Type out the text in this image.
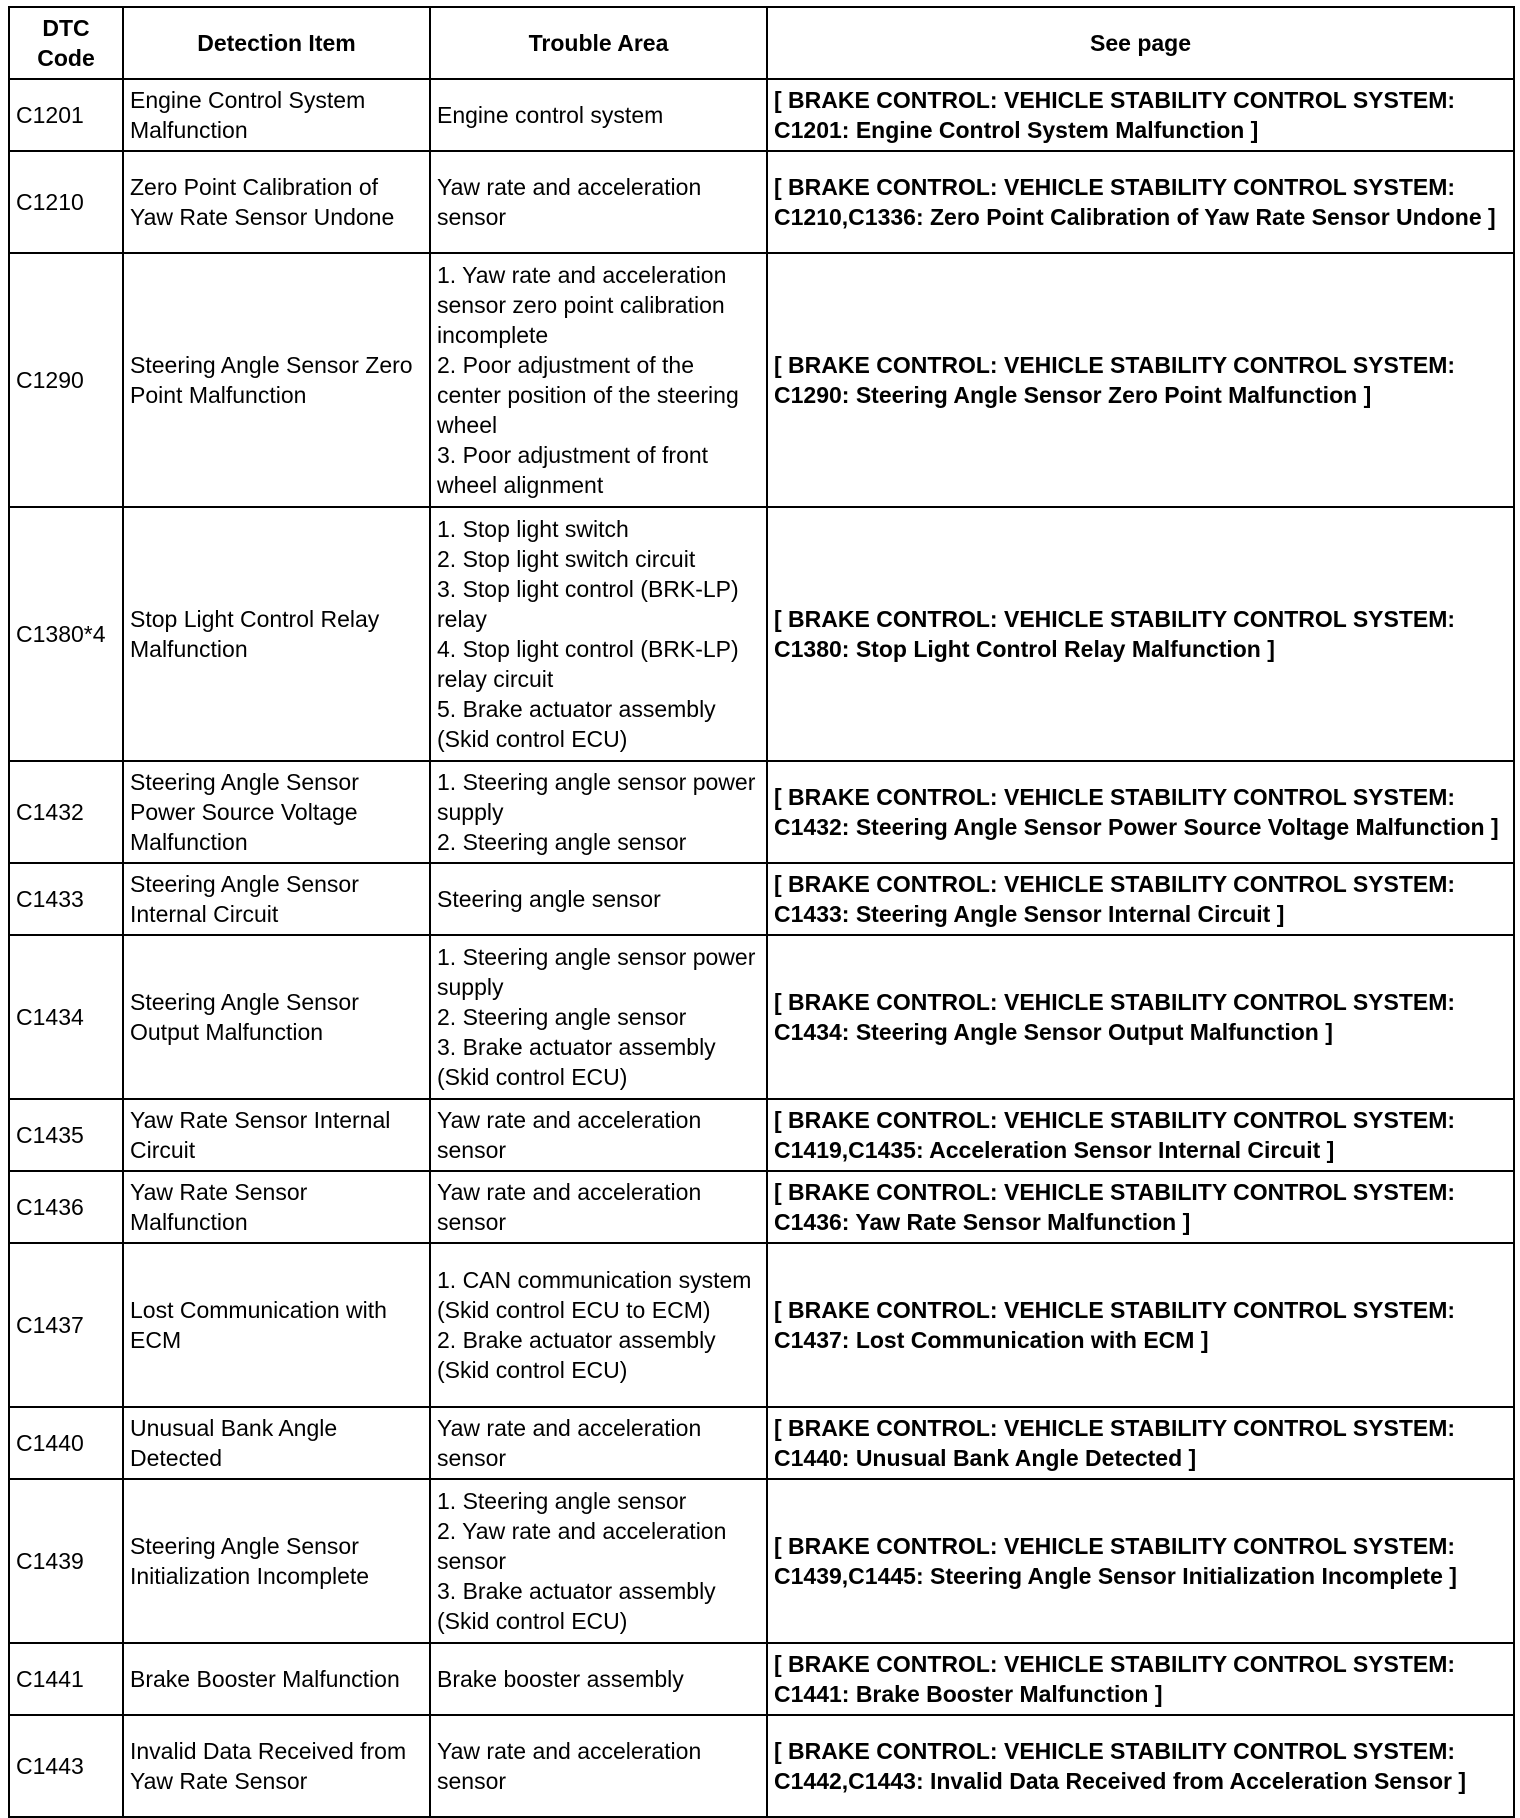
DTC Code	Detection Item	Trouble Area	See page
C1201	Engine Control System Malfunction	Engine control system	[ BRAKE CONTROL: VEHICLE STABILITY CONTROL SYSTEM: C1201: Engine Control System Malfunction ]
C1210	Zero Point Calibration of Yaw Rate Sensor Undone	Yaw rate and acceleration sensor	[ BRAKE CONTROL: VEHICLE STABILITY CONTROL SYSTEM: C1210,C1336: Zero Point Calibration of Yaw Rate Sensor Undone ]
C1290	Steering Angle Sensor Zero Point Malfunction	1. Yaw rate and acceleration sensor zero point calibration incomplete
2. Poor adjustment of the center position of the steering wheel
3. Poor adjustment of front wheel alignment	[ BRAKE CONTROL: VEHICLE STABILITY CONTROL SYSTEM: C1290: Steering Angle Sensor Zero Point Malfunction ]
C1380*4	Stop Light Control Relay Malfunction	1. Stop light switch
2. Stop light switch circuit
3. Stop light control (BRK-LP) relay
4. Stop light control (BRK-LP) relay circuit
5. Brake actuator assembly (Skid control ECU)	[ BRAKE CONTROL: VEHICLE STABILITY CONTROL SYSTEM: C1380: Stop Light Control Relay Malfunction ]
C1432	Steering Angle Sensor Power Source Voltage Malfunction	1. Steering angle sensor power supply
2. Steering angle sensor	[ BRAKE CONTROL: VEHICLE STABILITY CONTROL SYSTEM: C1432: Steering Angle Sensor Power Source Voltage Malfunction ]
C1433	Steering Angle Sensor Internal Circuit	Steering angle sensor	[ BRAKE CONTROL: VEHICLE STABILITY CONTROL SYSTEM: C1433: Steering Angle Sensor Internal Circuit ]
C1434	Steering Angle Sensor Output Malfunction	1. Steering angle sensor power supply
2. Steering angle sensor
3. Brake actuator assembly (Skid control ECU)	[ BRAKE CONTROL: VEHICLE STABILITY CONTROL SYSTEM: C1434: Steering Angle Sensor Output Malfunction ]
C1435	Yaw Rate Sensor Internal Circuit	Yaw rate and acceleration sensor	[ BRAKE CONTROL: VEHICLE STABILITY CONTROL SYSTEM: C1419,C1435: Acceleration Sensor Internal Circuit ]
C1436	Yaw Rate Sensor Malfunction	Yaw rate and acceleration sensor	[ BRAKE CONTROL: VEHICLE STABILITY CONTROL SYSTEM: C1436: Yaw Rate Sensor Malfunction ]
C1437	Lost Communication with ECM	1. CAN communication system (Skid control ECU to ECM)
2. Brake actuator assembly (Skid control ECU)	[ BRAKE CONTROL: VEHICLE STABILITY CONTROL SYSTEM: C1437: Lost Communication with ECM ]
C1440	Unusual Bank Angle Detected	Yaw rate and acceleration sensor	[ BRAKE CONTROL: VEHICLE STABILITY CONTROL SYSTEM: C1440: Unusual Bank Angle Detected ]
C1439	Steering Angle Sensor Initialization Incomplete	1. Steering angle sensor
2. Yaw rate and acceleration sensor
3. Brake actuator assembly (Skid control ECU)	[ BRAKE CONTROL: VEHICLE STABILITY CONTROL SYSTEM: C1439,C1445: Steering Angle Sensor Initialization Incomplete ]
C1441	Brake Booster Malfunction	Brake booster assembly	[ BRAKE CONTROL: VEHICLE STABILITY CONTROL SYSTEM: C1441: Brake Booster Malfunction ]
C1443	Invalid Data Received from Yaw Rate Sensor	Yaw rate and acceleration sensor	[ BRAKE CONTROL: VEHICLE STABILITY CONTROL SYSTEM: C1442,C1443: Invalid Data Received from Acceleration Sensor ]
